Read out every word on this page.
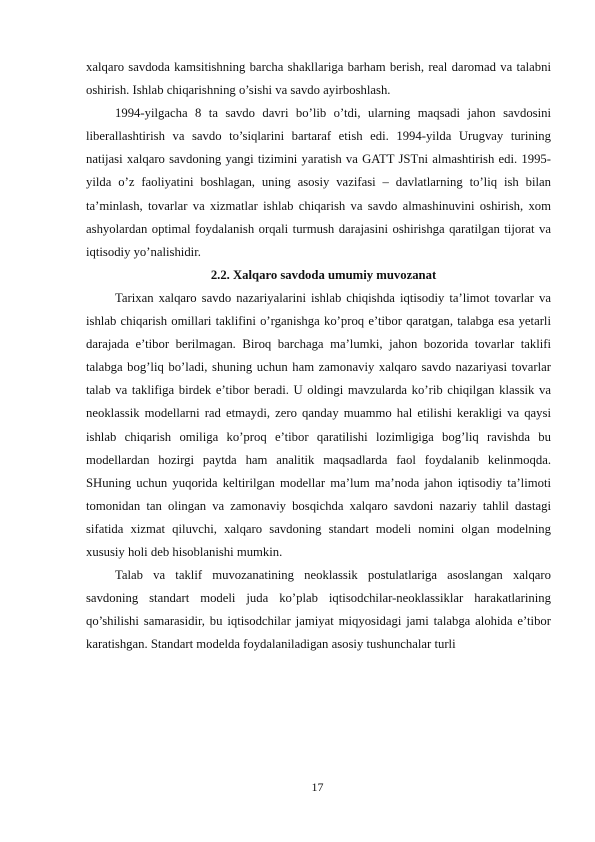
xalqaro savdoda kamsitishning barcha shakllariga barham berish, real daromad va talabni oshirish. Ishlab chiqarishning o’sishi va savdo ayirboshlash.

1994-yilgacha 8 ta savdo davri bo’lib o’tdi, ularning maqsadi jahon savdosini liberallashtirish va savdo to’siqlarini bartaraf etish edi. 1994-yilda Urugvay turining natijasi xalqaro savdoning yangi tizimini yaratish va GATT JSTni almashtirish edi. 1995-yilda o’z faoliyatini boshlagan, uning asosiy vazifasi – davlatlarning to’liq ish bilan ta’minlash, tovarlar va xizmatlar ishlab chiqarish va savdo almashinuvini oshirish, xom ashyolardan optimal foydalanish orqali turmush darajasini oshirishga qaratilgan tijorat va iqtisodiy yo’nalishidir.

2.2. Xalqaro savdoda umumiy muvozanat

Tarixan xalqaro savdo nazariyalarini ishlab chiqishda iqtisodiy ta’limot tovarlar va ishlab chiqarish omillari taklifini o’rganishga ko’proq e’tibor qaratgan, talabga esa yetarli darajada e’tibor berilmagan. Biroq barchaga ma’lumki, jahon bozorida tovarlar taklifi talabga bog’liq bo’ladi, shuning uchun ham zamonaviy xalqaro savdo nazariyasi tovarlar talab va taklifiga birdek e’tibor beradi. U oldingi mavzularda ko’rib chiqilgan klassik va neoklassik modellarni rad etmaydi, zero qanday muammo hal etilishi kerakligi va qaysi ishlab chiqarish omiliga ko’proq e’tibor qaratilishi lozimligiga bog’liq ravishda bu modellardan hozirgi paytda ham analitik maqsadlarda faol foydalanib kelinmoqda. SHuning uchun yuqorida keltirilgan modellar ma’lum ma’noda jahon iqtisodiy ta’limoti tomonidan tan olingan va zamonaviy bosqichda xalqaro savdoni nazariy tahlil dastagi sifatida xizmat qiluvchi, xalqaro savdoning standart modeli nomini olgan modelning xususiy holi deb hisoblanishi mumkin.

Talab va taklif muvozanatining neoklassik postulatlariga asoslangan xalqaro savdoning standart modeli juda ko’plab iqtisodchilar-neoklassiklar harakatlarining qo’shilishi samarasidir, bu iqtisodchilar jamiyat miqyosidagi jami talabga alohida e’tibor karatishgan. Standart modelda foydalaniladigan asosiy tushunchalar turli

17
